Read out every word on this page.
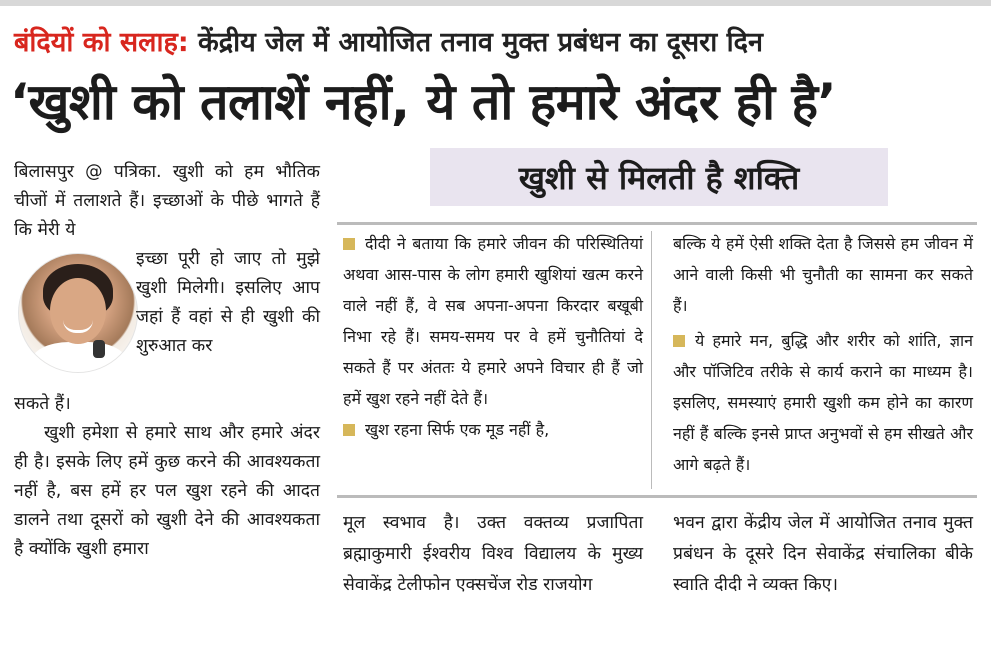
बंदियों को सलाह: केंद्रीय जेल में आयोजित तनाव मुक्त प्रबंधन का दूसरा दिन
‘खुशी को तलाशें नहीं, ये तो हमारे अंदर ही है’

बिलासपुर @ पत्रिका. खुशी को हम भौतिक चीजों में तलाशते हैं। इच्छाओं के पीछे भागते हैं कि मेरी ये

इच्छा पूरी हो जाए तो मुझे खुशी मिलेगी। इसलिए आप जहां हैं वहां से ही खुशी की शुरुआत कर

सकते हैं।

खुशी हमेशा से हमारे साथ और हमारे अंदर ही है। इसके लिए हमें कुछ करने की आवश्यकता नहीं है, बस हमें हर पल खुश रहने की आदत डालने तथा दूसरों को खुशी देने की आवश्यकता है क्योंकि खुशी हमारा

खुशी से मिलती है शक्ति

दीदी ने बताया कि हमारे जीवन की परिस्थितियां अथवा आस-पास के लोग हमारी खुशियां खत्म करने वाले नहीं हैं, वे सब अपना-अपना किरदार बखूबी निभा रहे हैं। समय-समय पर वे हमें चुनौतियां दे सकते हैं पर अंततः ये हमारे अपने विचार ही हैं जो हमें खुश रहने नहीं देते हैं।

खुश रहना सिर्फ एक मूड नहीं है,

बल्कि ये हमें ऐसी शक्ति देता है जिससे हम जीवन में आने वाली किसी भी चुनौती का सामना कर सकते हैं।

ये हमारे मन, बुद्धि और शरीर को शांति, ज्ञान और पॉजिटिव तरीके से कार्य कराने का माध्यम है। इसलिए, समस्याएं हमारी खुशी कम होने का कारण नहीं हैं बल्कि इनसे प्राप्त अनुभवों से हम सीखते और आगे बढ़ते हैं।

मूल स्वभाव है। उक्त वक्तव्य प्रजापिता ब्रह्माकुमारी ईश्वरीय विश्व विद्यालय के मुख्य सेवाकेंद्र टेलीफोन एक्सचेंज रोड राजयोग

भवन द्वारा केंद्रीय जेल में आयोजित तनाव मुक्त प्रबंधन के दूसरे दिन सेवाकेंद्र संचालिका बीके स्वाति दीदी ने व्यक्त किए।
